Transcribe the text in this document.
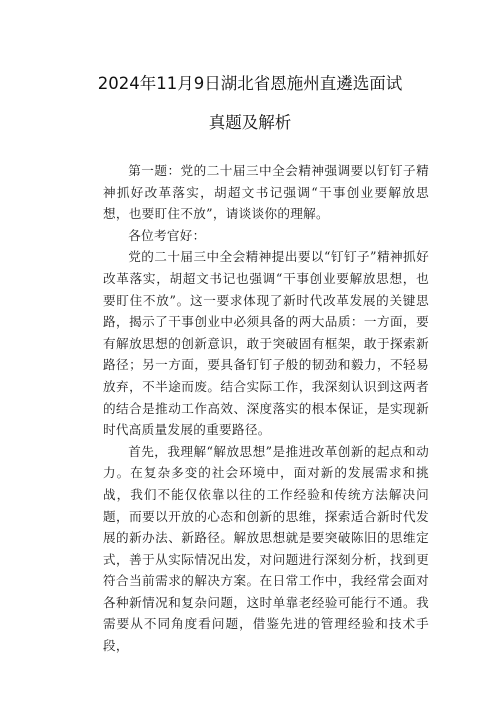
2024年11月9日湖北省恩施州直遴选面试
真题及解析

第一题：党的二十届三中全会精神强调要以钉钉子精神抓好改革落实，胡超文书记强调“干事创业要解放思想，也要盯住不放”，请谈谈你的理解。

各位考官好：

党的二十届三中全会精神提出要以“钉钉子”精神抓好改革落实，胡超文书记也强调“干事创业要解放思想，也要盯住不放”。这一要求体现了新时代改革发展的关键思路，揭示了干事创业中必须具备的两大品质：一方面，要有解放思想的创新意识，敢于突破固有框架，敢于探索新路径；另一方面，要具备钉钉子般的韧劲和毅力，不轻易放弃，不半途而废。结合实际工作，我深刻认识到这两者的结合是推动工作高效、深度落实的根本保证，是实现新时代高质量发展的重要路径。

首先，我理解“解放思想”是推进改革创新的起点和动力。在复杂多变的社会环境中，面对新的发展需求和挑战，我们不能仅依靠以往的工作经验和传统方法解决问题，而要以开放的心态和创新的思维，探索适合新时代发展的新办法、新路径。解放思想就是要突破陈旧的思维定式，善于从实际情况出发，对问题进行深刻分析，找到更符合当前需求的解决方案。在日常工作中，我经常会面对各种新情况和复杂问题，这时单靠老经验可能行不通。我需要从不同角度看问题，借鉴先进的管理经验和技术手段，
